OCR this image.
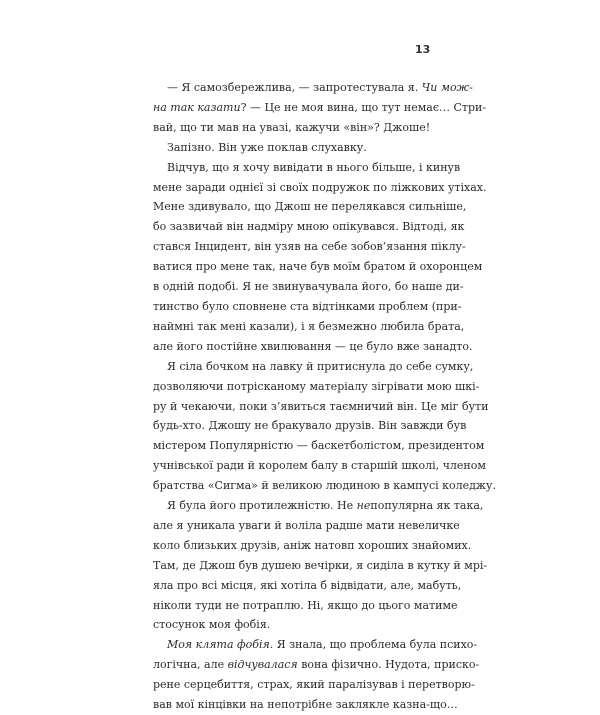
13
— Я самозбережлива, — запротестувала я. Чи мож-
на так казати? — Це не моя вина, що тут немає… Стри-
вай, що ти мав на увазі, кажучи «він»? Джоше!
Запізно. Він уже поклав слухавку.
Відчув, що я хочу вивідати в нього більше, і кинув
мене заради однієї зі своїх подружок по ліжкових утіхах.
Мене здивувало, що Джош не перелякався сильніше,
бо зазвичай він надміру мною опікувався. Відтоді, як
стався Інцидент, він узяв на себе зобов’язання піклу-
ватися про мене так, наче був моїм братом й охоронцем
в одній подобі. Я не звинувачувала його, бо наше ди-
тинство було сповнене ста відтінками проблем (при-
наймні так мені казали), і я безмежно любила брата,
але його постійне хвилювання — це було вже занадто.
Я сіла бочком на лавку й притиснула до себе сумку,
дозволяючи потрісканому матеріалу зігрівати мою шкі-
ру й чекаючи, поки з’явиться таємничий він. Це міг бути
будь-хто. Джошу не бракувало друзів. Він завжди був
містером Популярністю — баскетболістом, президентом
учнівської ради й королем балу в старшій школі, членом
братства «Сигма» й великою людиною в кампусі коледжу.
Я була його протилежністю. Не непопулярна як така,
але я уникала уваги й воліла радше мати невеличке
коло близьких друзів, аніж натовп хороших знайомих.
Там, де Джош був душею вечірки, я сиділа в кутку й мрі-
яла про всі місця, які хотіла б відвідати, але, мабуть,
ніколи туди не потраплю. Ні, якщо до цього матиме
стосунок моя фобія.
Моя клята фобія. Я знала, що проблема була психо-
логічна, але відчувалася вона фізично. Нудота, приско-
рене серцебиття, страх, який паралізував і перетворю-
вав мої кінцівки на непотрібне заклякле казна-що…
